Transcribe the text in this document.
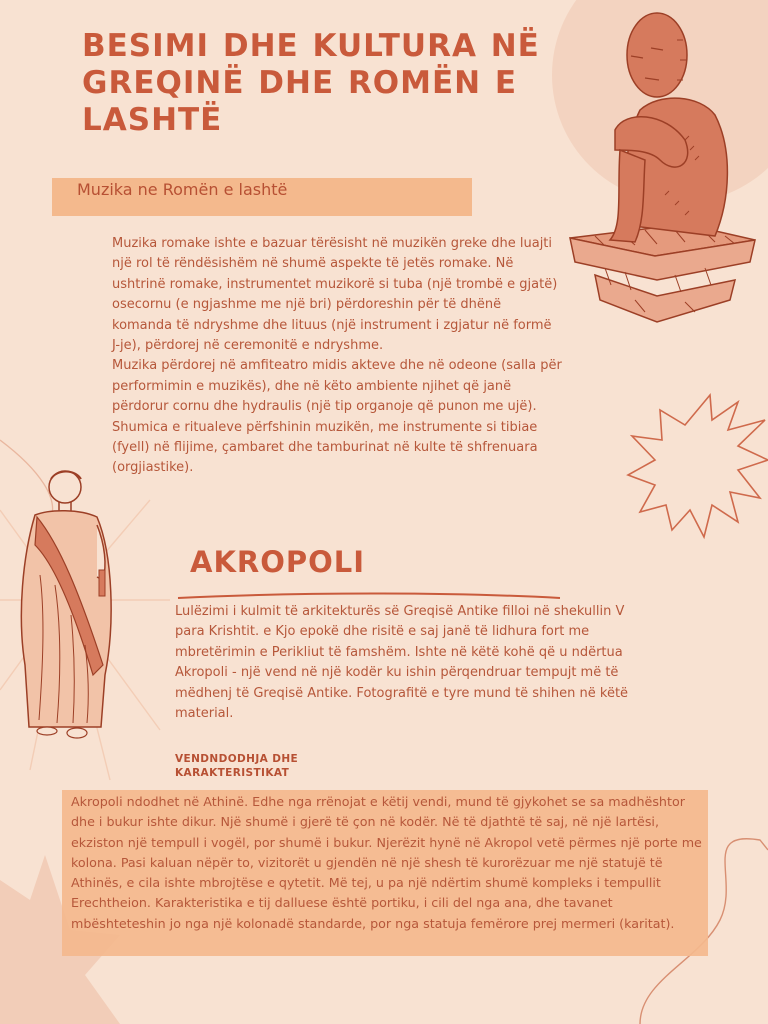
BESIMI DHE KULTURA NË GREQINË DHE ROMËN E LASHTË
Muzika ne Romën e lashtë

Muzika romake ishte e bazuar tërësisht në muzikën greke dhe luajti një rol të rëndësishëm në shumë aspekte të jetës romake. Në ushtrinë romake, instrumentet muzikorë si tuba (një trombë e gjatë) osecornu (e ngjashme me një bri) përdoreshin për të dhënë komanda të ndryshme dhe lituus (një instrument i zgjatur në formë J-je), përdorej në ceremonitë e ndryshme.

Muzika përdorej në amfiteatro midis akteve dhe në odeone (salla për performimin e muzikës), dhe në këto ambiente njihet që janë përdorur cornu dhe hydraulis (një tip organoje që punon me ujë).

Shumica e ritualeve përfshinin muzikën, me instrumente si tibiae (fyell) në flijime, çambaret dhe tamburinat në kulte të shfrenuara (orgjiastike).

AKROPOLI

Lulëzimi i kulmit të arkitekturës së Greqisë Antike filloi në shekullin V para Krishtit. e Kjo epokë dhe risitë e saj janë të lidhura fort me mbretërimin e Perikliut të famshëm. Ishte në këtë kohë që u ndërtua Akropoli - një vend në një kodër ku ishin përqendruar tempujt më të mëdhenj të Greqisë Antike. Fotografitë e tyre mund të shihen në këtë material.

VENDNDODHJA DHE KARAKTERISTIKAT

Akropoli ndodhet në Athinë. Edhe nga rrënojat e këtij vendi, mund të gjykohet se sa madhështor dhe i bukur ishte dikur. Një shumë i gjerë të çon në kodër. Në të djathtë të saj, në një lartësi, ekziston një tempull i vogël, por shumë i bukur. Njerëzit hynë në Akropol vetë përmes një porte me kolona. Pasi kaluan nëpër to, vizitorët u gjendën në një shesh të kurorëzuar me një statujë të Athinës, e cila ishte mbrojtëse e qytetit. Më tej, u pa një ndërtim shumë kompleks i tempullit Erechtheion. Karakteristika e tij dalluese është portiku, i cili del nga ana, dhe tavanet mbështeteshin jo nga një kolonadë standarde, por nga statuja femërore prej mermeri (karitat).
